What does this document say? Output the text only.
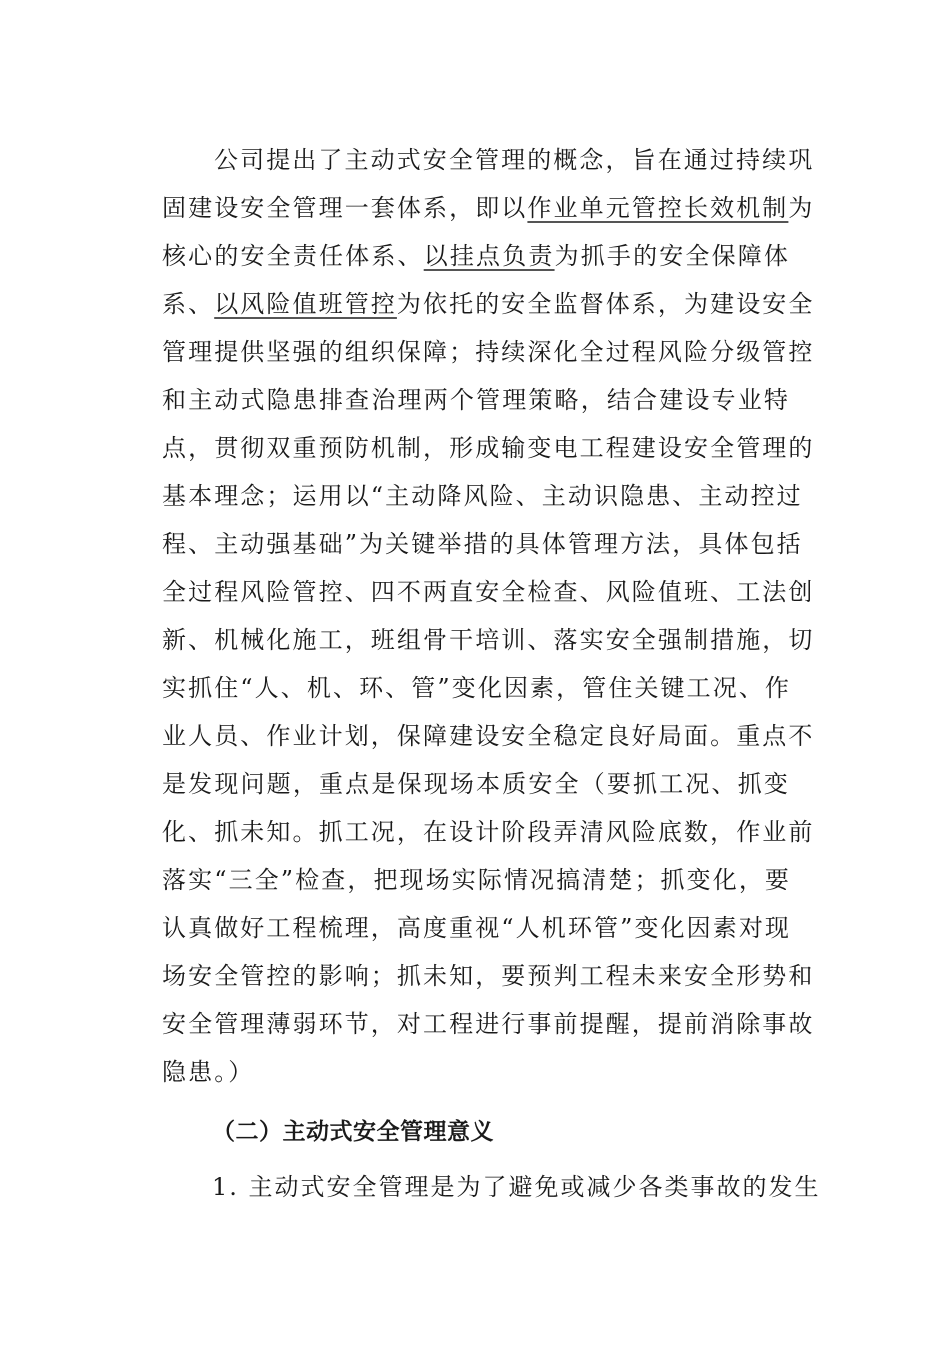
公司提出了主动式安全管理的概念，旨在通过持续巩
固建设安全管理一套体系，即以作业单元管控长效机制为
核心的安全责任体系、以挂点负责为抓手的安全保障体
系、以风险值班管控为依托的安全监督体系，为建设安全
管理提供坚强的组织保障；持续深化全过程风险分级管控
和主动式隐患排查治理两个管理策略，结合建设专业特
点，贯彻双重预防机制，形成输变电工程建设安全管理的
基本理念；运用以“主动降风险、主动识隐患、主动控过
程、主动强基础”为关键举措的具体管理方法，具体包括
全过程风险管控、四不两直安全检查、风险值班、工法创
新、机械化施工，班组骨干培训、落实安全强制措施，切
实抓住“人、机、环、管”变化因素，管住关键工况、作
业人员、作业计划，保障建设安全稳定良好局面。重点不
是发现问题，重点是保现场本质安全（要抓工况、抓变
化、抓未知。抓工况，在设计阶段弄清风险底数，作业前
落实“三全”检查，把现场实际情况搞清楚；抓变化，要
认真做好工程梳理，高度重视“人机环管”变化因素对现
场安全管控的影响；抓未知，要预判工程未来安全形势和
安全管理薄弱环节，对工程进行事前提醒，提前消除事故
隐患。）
（二）主动式安全管理意义

1. 主动式安全管理是为了避免或减少各类事故的发生
